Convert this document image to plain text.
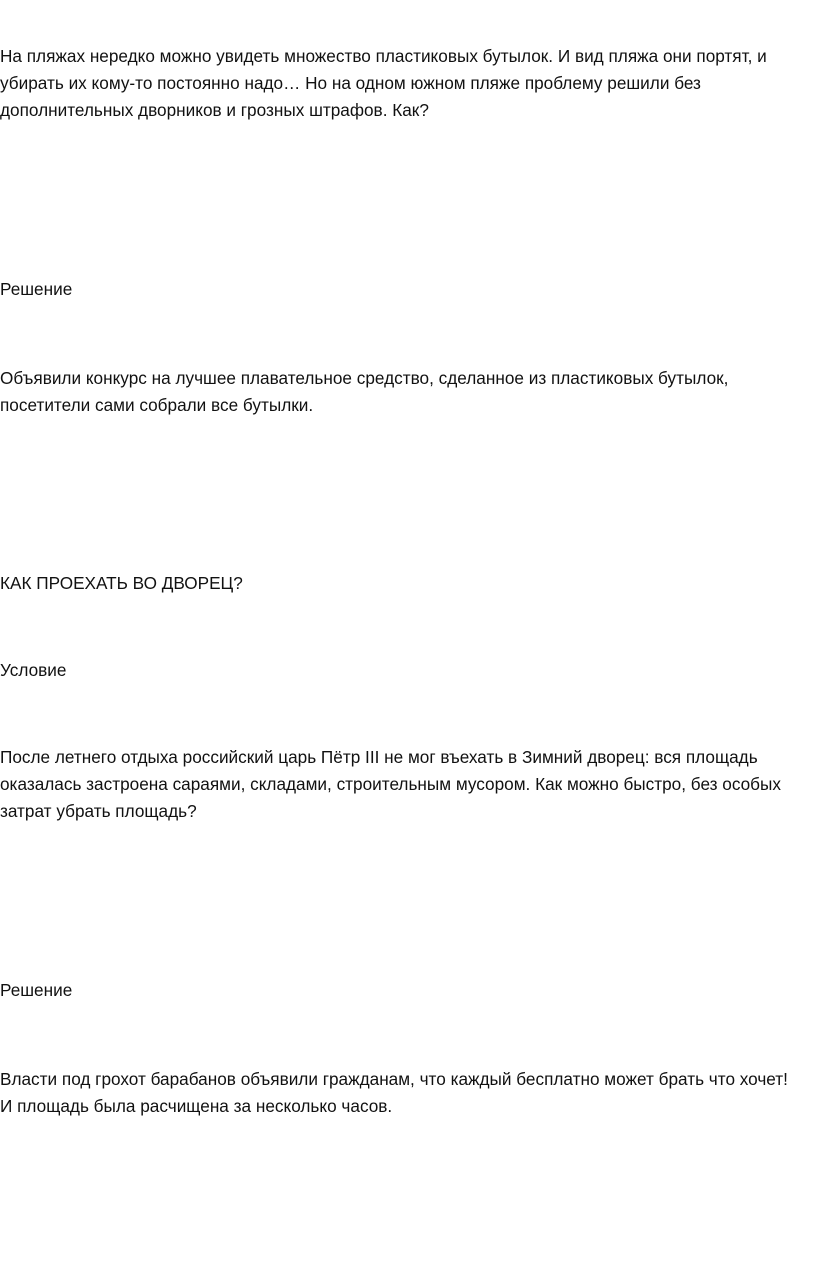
На пляжах нередко можно увидеть множество пластиковых бутылок. И вид пляжа они портят, и
убирать их кому-то постоянно надо… Но на одном южном пляже проблему решили без
дополнительных дворников и грозных штрафов. Как?

Решение

Объявили конкурс на лучшее плавательное средство, сделанное из пластиковых бутылок,
посетители сами собрали все бутылки.

КАК ПРОЕХАТЬ ВО ДВОРЕЦ?

Условие

После летнего отдыха российский царь Пётр III не мог въехать в Зимний дворец: вся площадь
оказалась застроена сараями, складами, строительным мусором. Как можно быстро, без особых
затрат убрать площадь?

Решение

Власти под грохот барабанов объявили гражданам, что каждый бесплатно может брать что хочет!
И площадь была расчищена за несколько часов.
